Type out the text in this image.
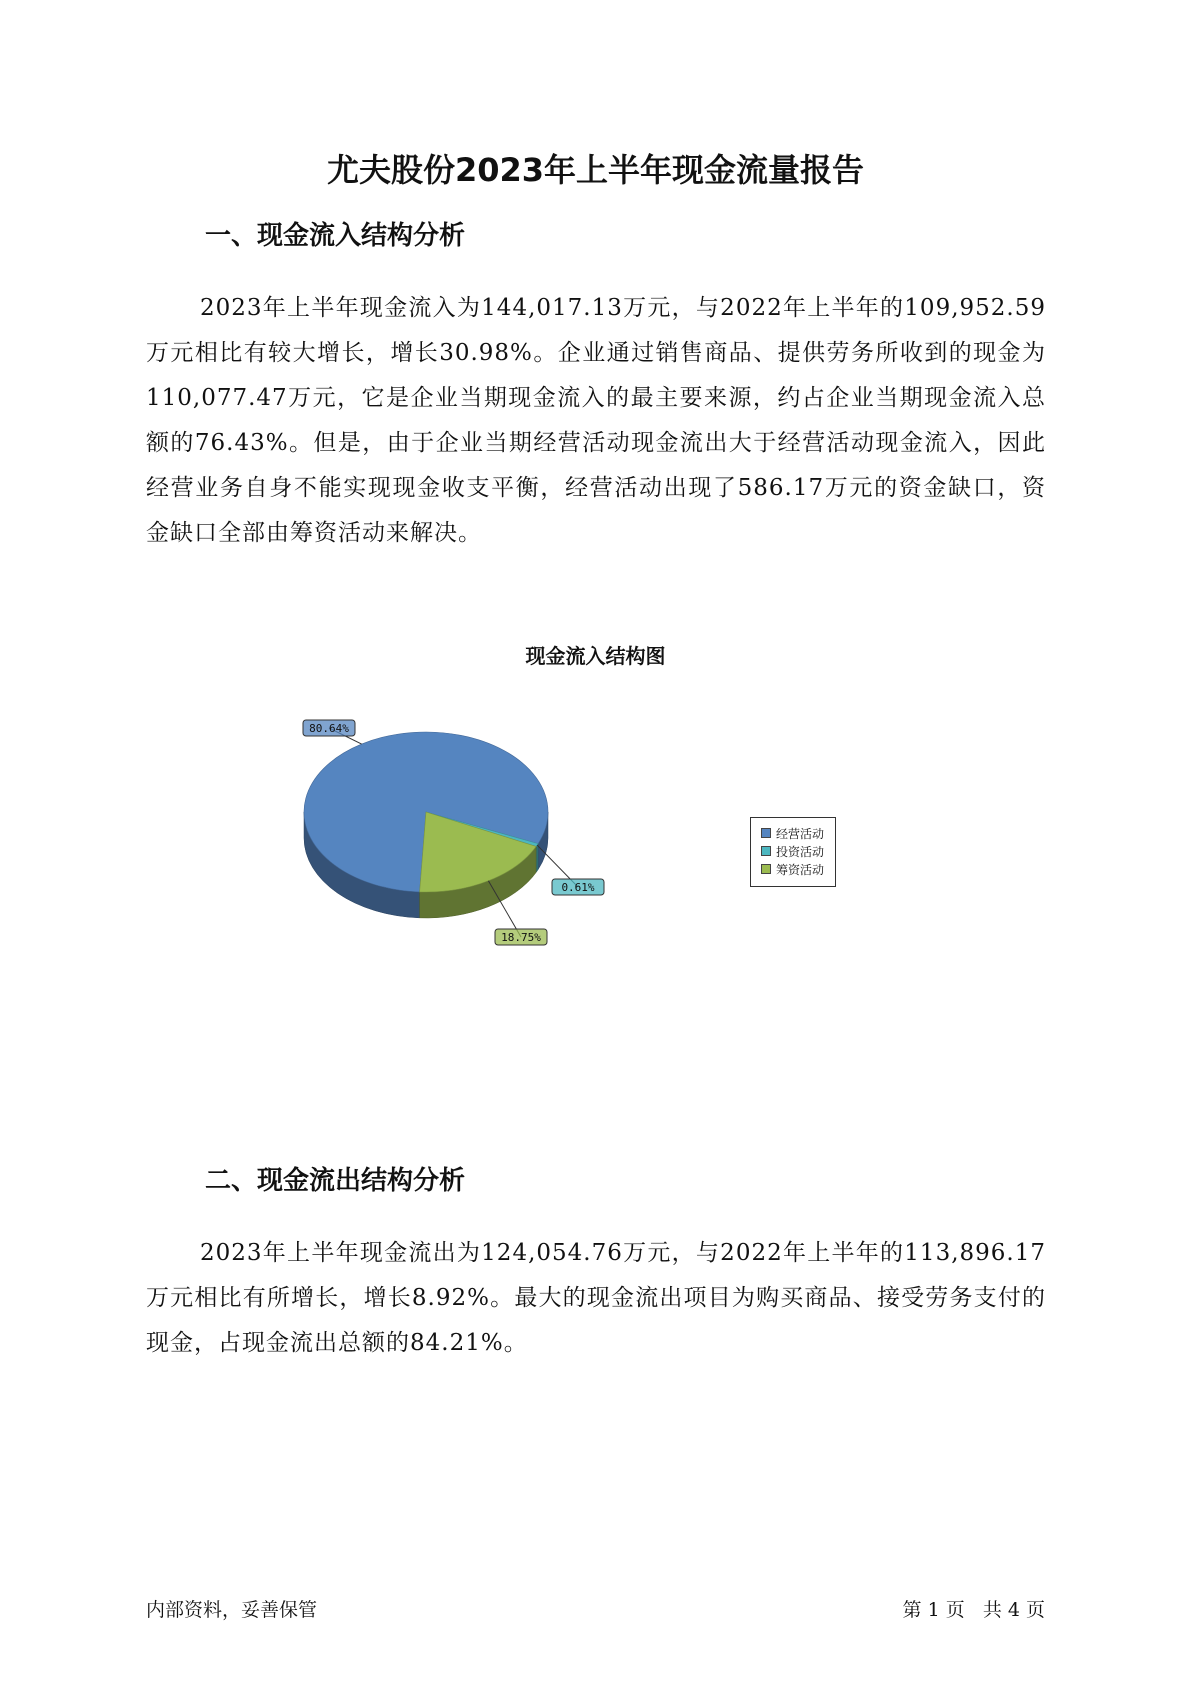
尤夫股份2023年上半年现金流量报告
一、现金流入结构分析
2023年上半年现金流入为144,017.13万元，与2022年上半年的109,952.59万元相比有较大增长，增长30.98%。企业通过销售商品、提供劳务所收到的现金为110,077.47万元，它是企业当期现金流入的最主要来源，约占企业当期现金流入总额的76.43%。但是，由于企业当期经营活动现金流出大于经营活动现金流入，因此经营业务自身不能实现现金收支平衡，经营活动出现了586.17万元的资金缺口，资金缺口全部由筹资活动来解决。
现金流入结构图
80.64%
0.61%
18.75%
经营活动
投资活动
筹资活动
二、现金流出结构分析
2023年上半年现金流出为124,054.76万元，与2022年上半年的113,896.17万元相比有所增长，增长8.92%。最大的现金流出项目为购买商品、接受劳务支付的现金，占现金流出总额的84.21%。
内部资料，妥善保管	第 1 页   共 4 页
